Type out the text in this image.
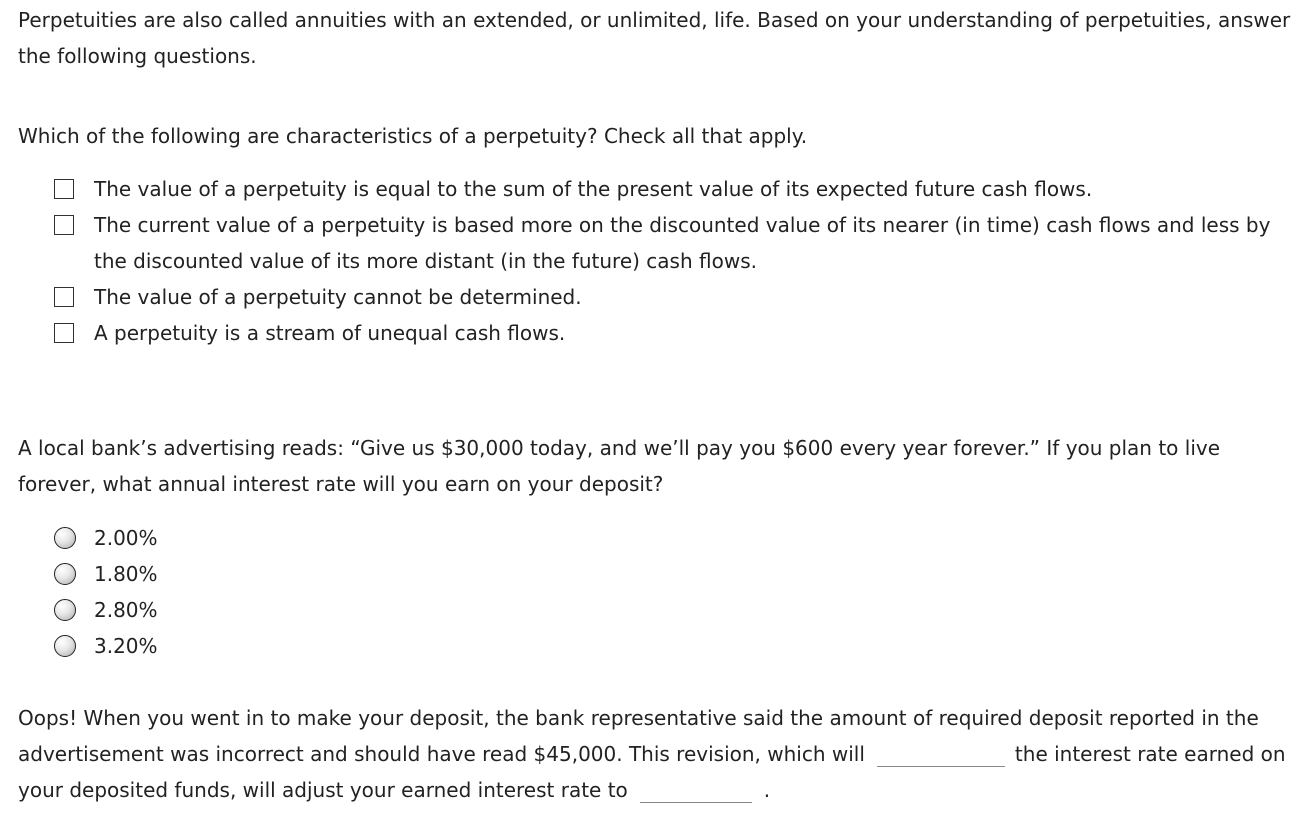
Perpetuities are also called annuities with an extended, or unlimited, life. Based on your understanding of perpetuities, answer the following questions.

Which of the following are characteristics of a perpetuity? Check all that apply.

The value of a perpetuity is equal to the sum of the present value of its expected future cash flows.
The current value of a perpetuity is based more on the discounted value of its nearer (in time) cash flows and less by the discounted value of its more distant (in the future) cash flows.
The value of a perpetuity cannot be determined.
A perpetuity is a stream of unequal cash flows.

A local bank’s advertising reads: “Give us $30,000 today, and we’ll pay you $600 every year forever.” If you plan to live forever, what annual interest rate will you earn on your deposit?

2.00%
1.80%
2.80%
3.20%

Oops! When you went in to make your deposit, the bank representative said the amount of required deposit reported in the advertisement was incorrect and should have read $45,000. This revision, which will	the interest rate earned on your deposited funds, will adjust your earned interest rate to	.
